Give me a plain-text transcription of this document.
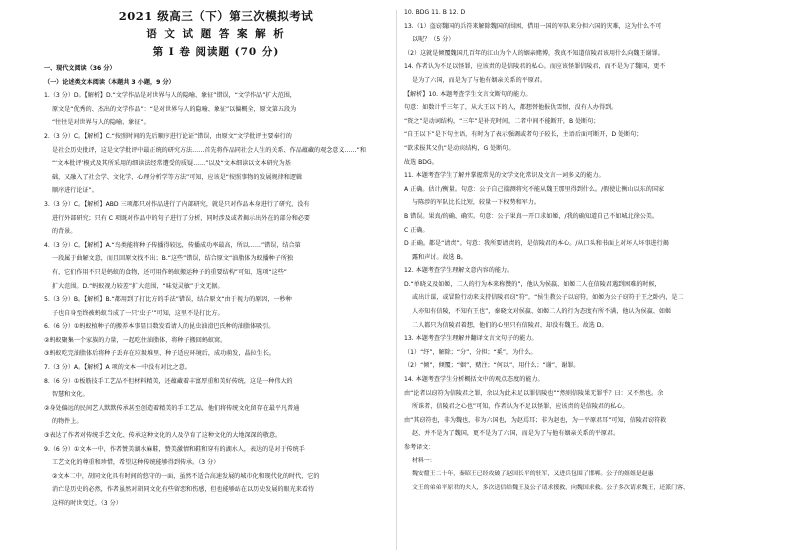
2021 级高三（下）第三次模拟考试
语 文 试 题 答 案 解 析
第 I 卷 阅读题 (70 分)
一、现代文阅读（36 分）
（一）论述类文本阅读（本题共 3 小题，9 分）
1.（3 分）D。【解析】D.“文学作品是对世界与人的隐喻、象征”错误，“文学作品”扩大范围，
原文是“优秀的、杰出的文学作品”：“是对世界与人的隐喻、象征”以偏概全，原文第五段为
“往往是对世界与人的隐喻、象征”。
2.（3 分）C。【解析】C.“按照时间的先后顺序进行论证”错误，由原文“文学批评主要奉行的
是社会历史批评，这是文学批评中最正统的研究方法……首先将作品同社会人生的关系、作品蕴藏的观念意义……”和
“‘文本批评’模式及其所采用的细读法经常遭受的质疑……”以及“文本细读以文本研究为基
础，又融入了社会学、文化学、心理分析学等方法”可知，应该是“按照事物的发展规律和逻辑
顺序进行论证”。
3.（3 分）C。【解析】ABD 三项都只对作品进行了内部研究，就是只对作品本身进行了研究，没有
进行外部研究；只有 C 项既对作品中的句子进行了分析，同时涉及或者揭示出外在的部分和必要
的背景。
4.（3 分）C。【解析】A.“鸟类能将种子传播得较远，传播成功率最高，所以……”错误，结合第
一段属于曲解文意，而且回原文找不出；B.“这些”错误，结合原文“油脂体为蚁播种子所独
有，它们作用不只是蚂蚁的食物，还可用作蚂蚁搬运种子的重要结构”可知，选项“这些”
扩大范围。D.“蚂蚁视力较差”扩大范围，“味觉灵敏”于文无据。
5.（3 分）B。【解析】B.“都用到了打比方的手法”错误，结合原文“由于视力的原因，一秒种
子也自身至终被蚂蚁当成了一只‘虫子’”可知，这里不是打比方。
6.（6 分）①蚂蚁植种子的搬养本事显目数发看请人的昆虫油滑巴氏种的油脂体吸引。
②蚂蚁聚集一个家族的力量，一起吃住油脂体，将种子搬回蚂蚁窝。
③蚂蚁吃完油脂体后将种子丢弃在垃圾堆里，种子适应环境后，成功萌发，晶拉生长。
7.（3 分）A。【解析】A 项的文本一中没有对比之意。
8.（6 分）①板筋技手工艺品不但材料精美，还蕴藏着丰富厚重和美好传统，这是一种伟大的
智慧和文化。
②身处偏远的民间艺人默默传承甚至创造着精美的手工艺品，他们将传统文化留存在最平凡普通
的物件上。
③表达了作者对传统手艺文化、传承这种文化的人及孕育了这种文化的大地深深的敬意。
9.（6 分）①文本一中，作者赞美湖水麻鞋，赞美激情和鞋和穿有的湖水人，表达的是对于传统手
工艺文化的尊重和珍惜，希望这种传统能够得到传承。（3 分）
②文本二中，胡同文化具有时间的悠守的一面，虽然不适合高速发展的城市化和现代化的时代，它的
消亡是历史的必然，作者虽然对胡同文化有些留恋和伤感，但也能够站在以历史发展的眼光来看待
这样的时世变迁。（3 分）
10. BDG 11. B 12. D
13.（1）盗窃魏国的兵符来解除魏国的围困，借用一国的军队来分担六国的灾难，这为什么不可
以呢？（5 分）
（2）这就是倾覆魏国几百年的江山为个人的姻亲赌博，我真不知道信陵君该用什么向魏王谢罪。
14. 作者认为不足以怪罪，应该责的是信陵君的私心。而应该怪罪信陵君，而不是为了魏国，更不
是为了六国，而是为了与他有姻亲关系的平原君。
【解析】10. 本题考查学生文言文断句的能力。
句意：如数计乎三年了，从大王以下的人，都想替他报仇雪恨，没有人办得到。
“资之”是动词结构，“三年”是补充时间，二者中间不能断开，B 处断句；
“自王以下”是下句主语，有时为了表示强调或者句子较长，主语后面可断开，D 处断句；
“欲求报其父仇”是动宾结构，G 处断句。
故选 BDG。
11. 本题考查学生了解并掌握常见的文学文化常识及文言一词多义的能力。
A 正确。估计/衡量。句意：公子自己揣测将究不能从魏王那里得到什么。/假使让衡山以东的国家
与陈涉的军队比长比短，较量一下权势和军力。
B 错误。果真/的确、确实。句意：公子果真一开口求如姬，/我的确知道自己不如城北徐公美。
C 正确。
D 正确。都是“请责”。句意：我所要请责的，是信陵君的本心。/从口头和书面上对坏人坏事进行揭
露和声讨。故选 B。
12. 本题考查学生理解文意内容的能力。
D.“单晓义及如姬，二人的行为本来称赞的”，他认为侯嬴、如姬二人在信陵君遇到困难的时候，
或出计谋，或冒险行动来支持信陵君窃“符”，“侯生教公子以窃符，如姬为公子窃符于王之卧内，是二
人亦知有信陵，不知有王也”，秦晓文对侯嬴、如姬二人的行为态度有所不满，他认为侯嬴、如姬
二人都只为信陵君着想，他们的心里只有信陵君，却没有魏王。故选 D。
13. 本题考查学生理解并翻译文言文句子的能力。
（1）“纾”，解除；“分”，分担；“奚”，为什么。
（2）“倾”，倾覆；“姻”，赌注；“何以”，用什么；“谢”，谢罪。
14. 本题考查学生分析概括文中的观点态度的能力。
由“论者以窃符为信陵君之罪，余以为此未足以罪信陵也”“然则信陵果无罪乎？曰：又不然也。余
所诛者，信陵君之心也”可知，作者认为不足以怪罪，应该责的是信陵君的私心。
由“其窃符也，非为魏也，非为六国也，为赵焉耳；非为赵也，为一平原君耳”可知，信陵君窃符救
赵，并不是为了魏国，更不是为了六国，而是为了与他有姻亲关系的平原君。
参考译文：
材料一：
魏安釐王二十年，秦昭王已经攻破了赵国长平的驻军，又进兵包围了邯郸。公子的姐姐是赵惠
文王的弟弟平原君的夫人，多次送信给魏王及公子请求援救，向魏国求救。公子多次请求魏王，还派门客、
